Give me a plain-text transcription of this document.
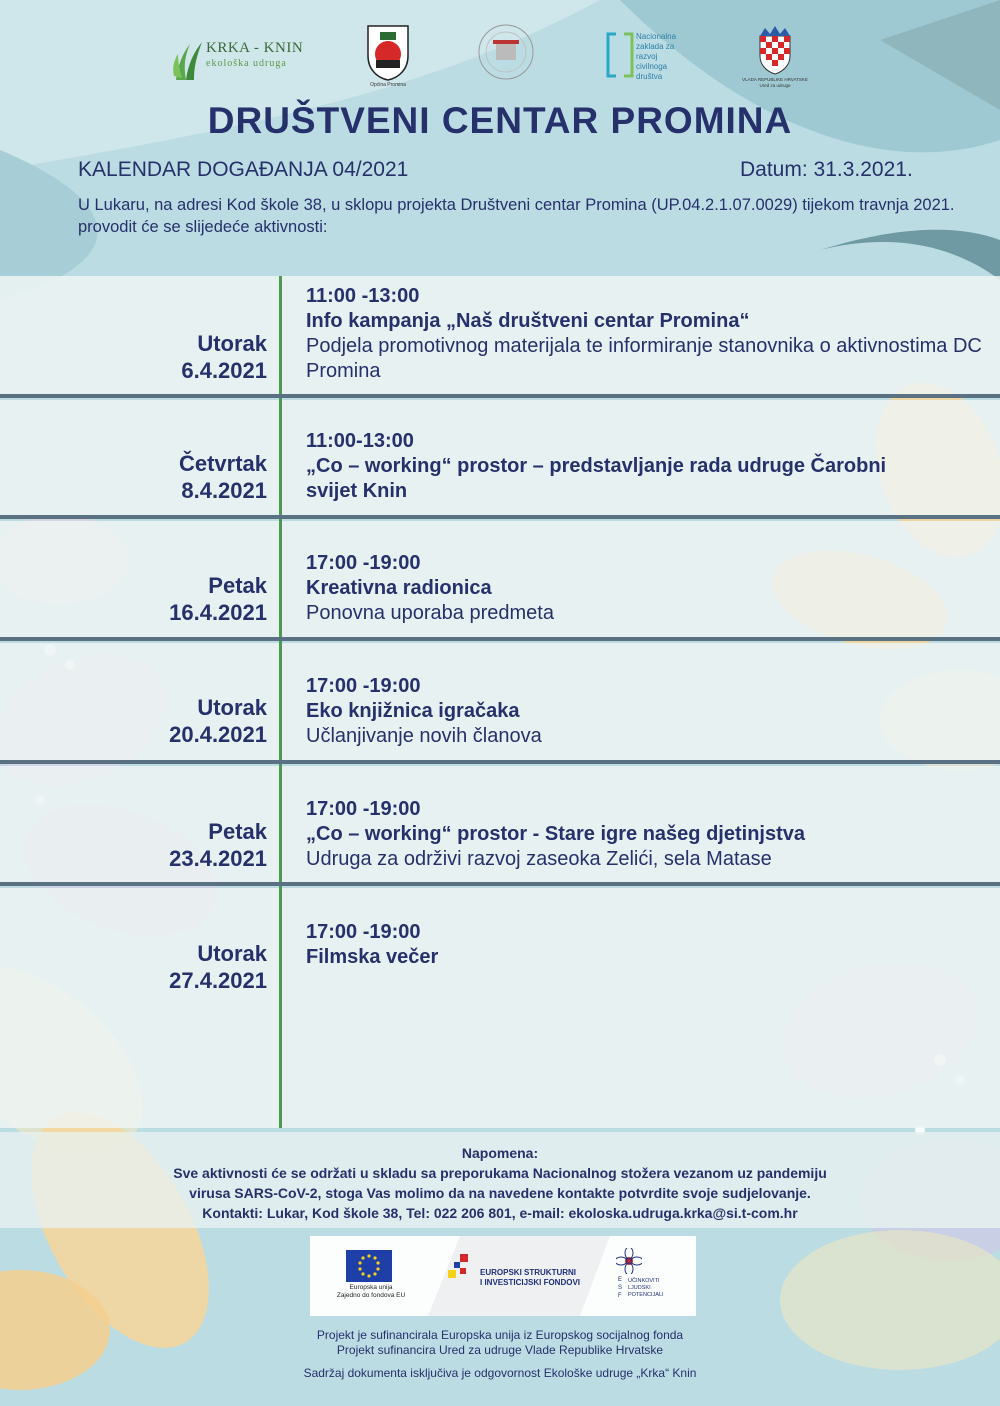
KRKA - KNIN
ekološka udruga
Općina Promina
Nacionalna
zaklada za
razvoj
civilnoga
društva	VLADA REPUBLIKE HRVATSKE
Ured za udruge
DRUŠTVENI CENTAR PROMINA
KALENDAR DOGAĐANJA 04/2021	Datum: 31.3.2021.
U Lukaru, na adresi Kod škole 38, u sklopu projekta Društveni centar Promina (UP.04.2.1.07.0029) tijekom travnja 2021. provodit će se slijedeće aktivnosti:
Utorak
6.4.2021
11:00 -13:00
Info kampanja „Naš društveni centar Promina“
Podjela promotivnog materijala te informiranje stanovnika o aktivnostima DC Promina
Četvrtak
8.4.2021
11:00-13:00
„Co – working“ prostor – predstavljanje rada udruge Čarobni svijet Knin
Petak
16.4.2021
17:00 -19:00
Kreativna radionica
Ponovna uporaba predmeta
Utorak
20.4.2021
17:00 -19:00
Eko knjižnica igračaka
Učlanjivanje novih članova
Petak
23.4.2021
17:00 -19:00
„Co – working“ prostor - Stare igre našeg djetinjstva
Udruga za održivi razvoj zaseoka Zelići, sela Matase
Utorak
27.4.2021
17:00 -19:00
Filmska večer
Napomena:
Sve aktivnosti će se održati u skladu sa preporukama Nacionalnog stožera vezanom uz pandemiju
virusa SARS-CoV-2, stoga Vas molimo da na navedene kontakte potvrdite svoje sudjelovanje.
Kontakti: Lukar, Kod škole 38, Tel: 022 206 801, e-mail: ekoloska.udruga.krka@si.t-com.hr
Europska unija
Zajedno do fondova EU
EUROPSKI STRUKTURNI
I INVESTICIJSKI FONDOVI	E S F
UČINKOVITI
LJUDSKI
POTENCIJALI
Projekt je sufinancirala Europska unija iz Europskog socijalnog fonda
Projekt sufinancira Ured za udruge Vlade Republike Hrvatske
Sadržaj dokumenta isključiva je odgovornost Ekološke udruge „Krka“ Knin
